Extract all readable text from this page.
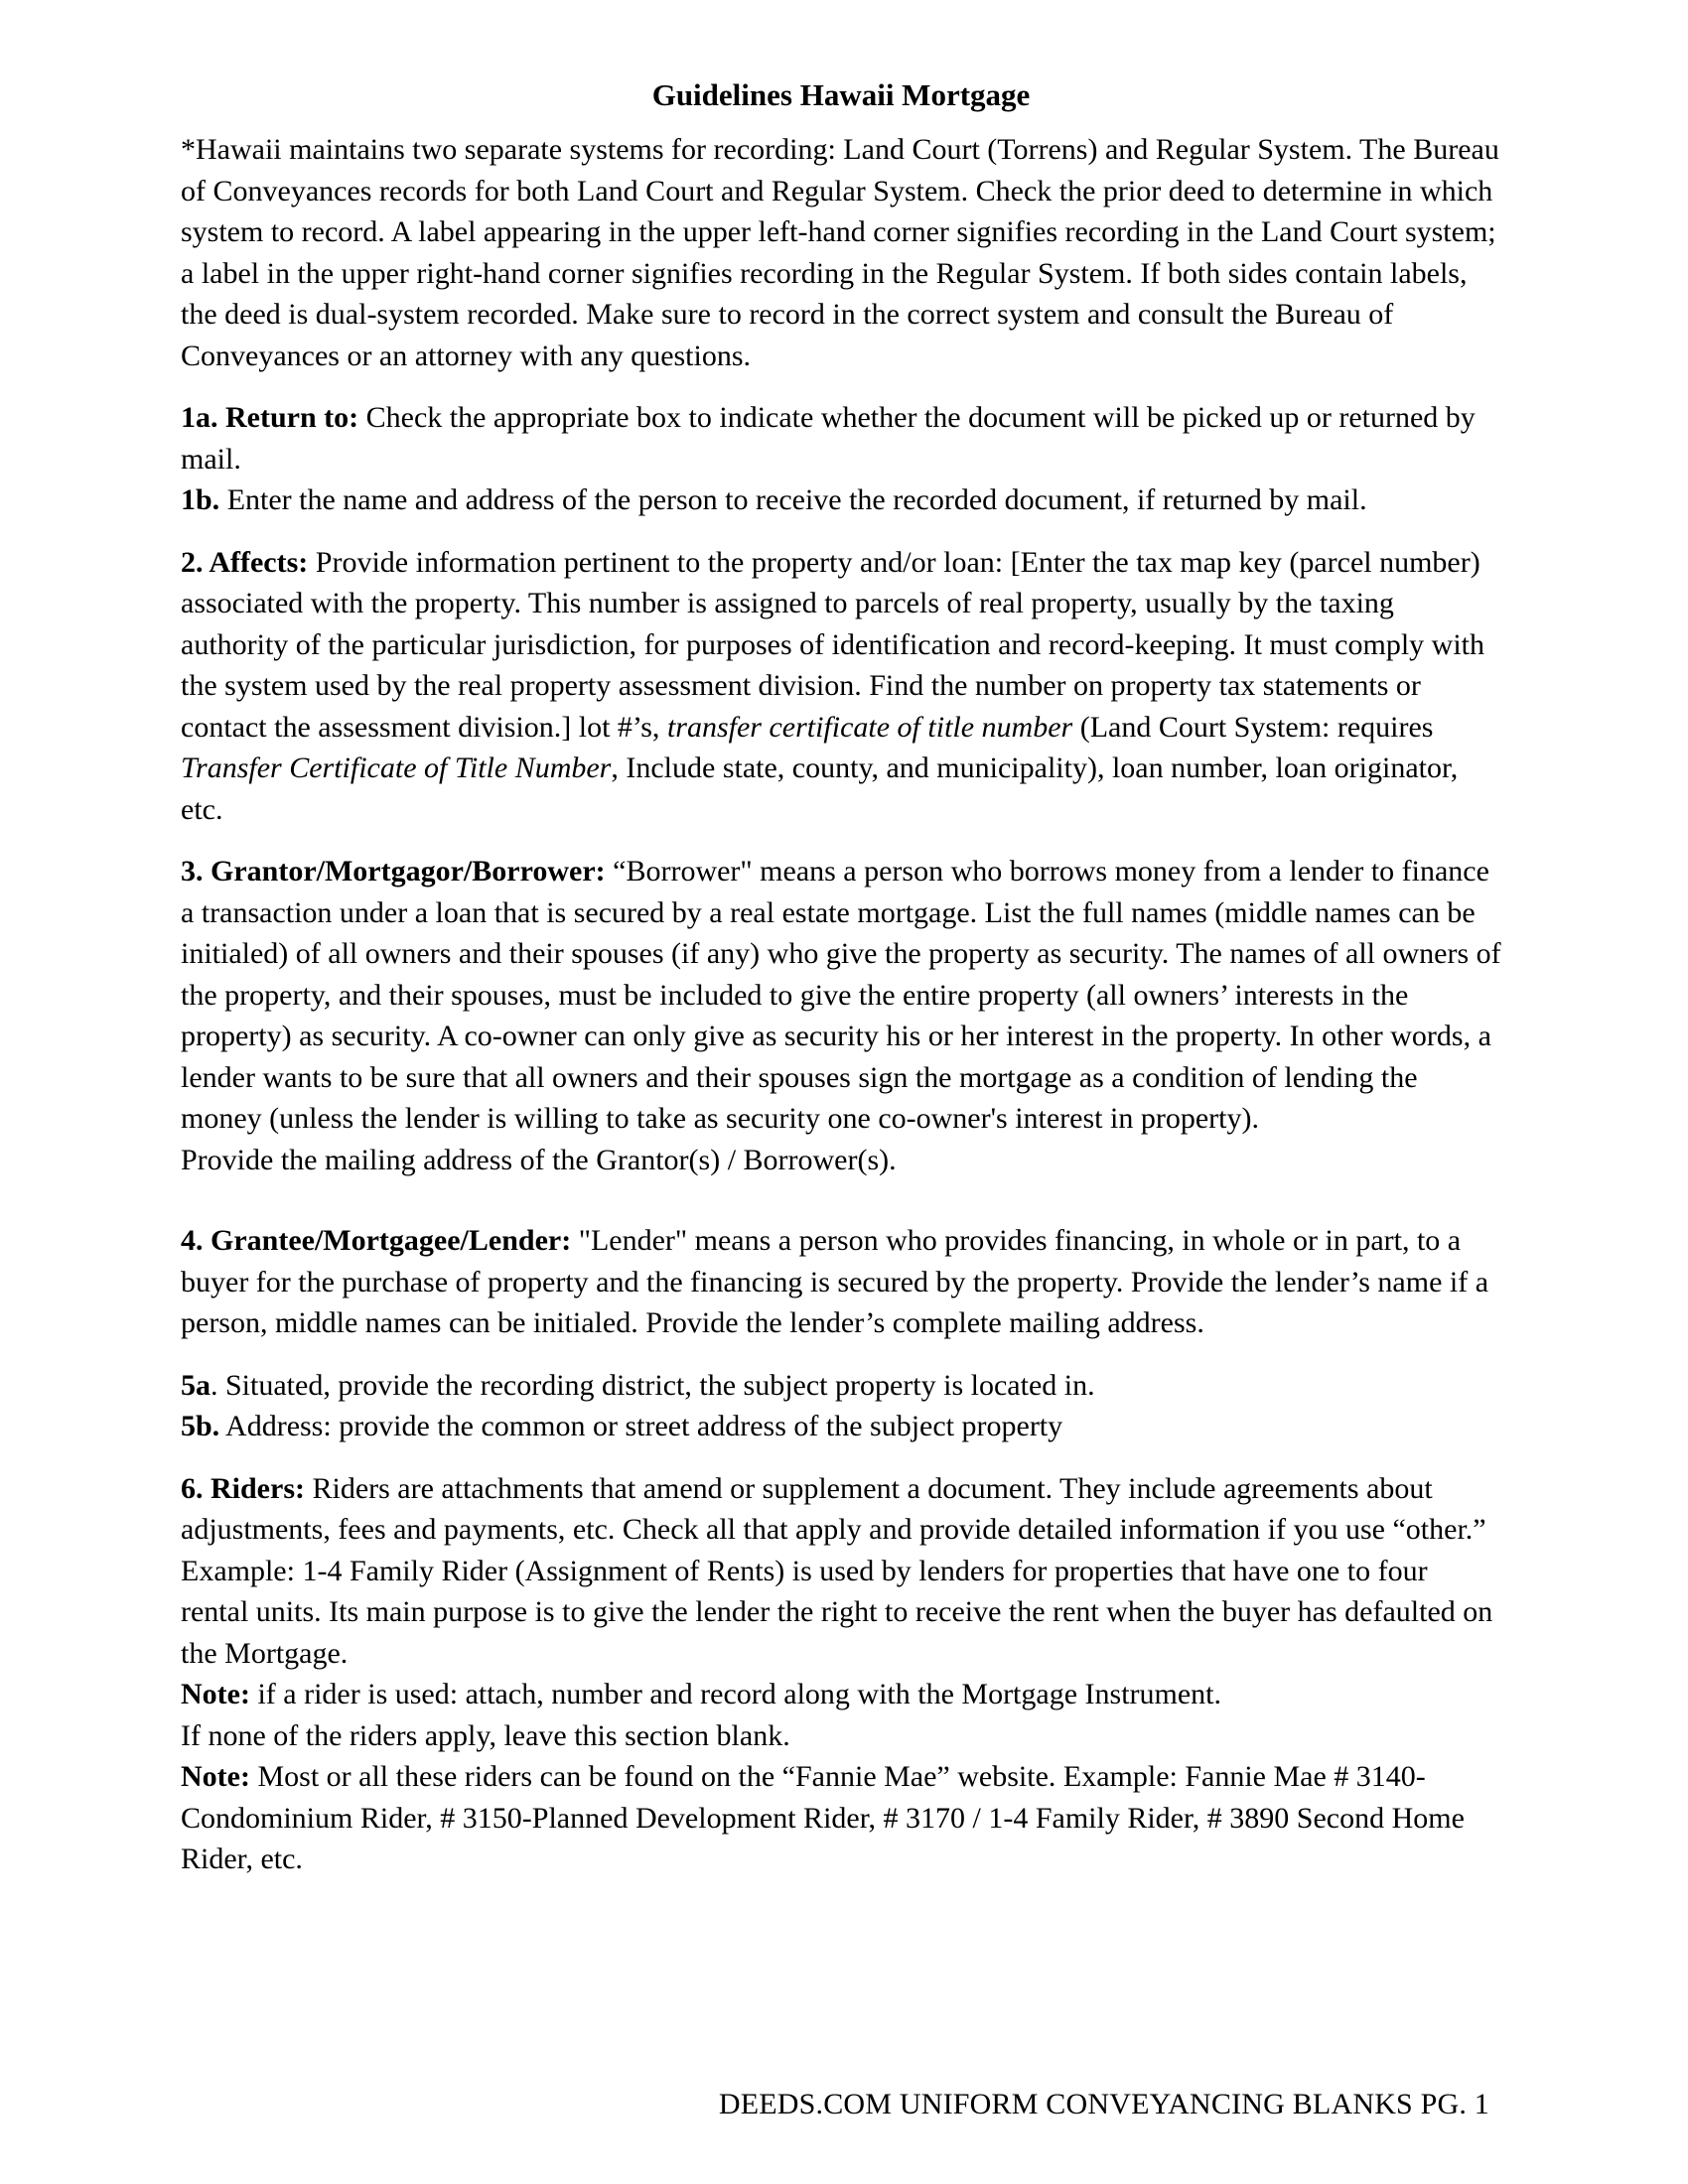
Guidelines Hawaii Mortgage

*Hawaii maintains two separate systems for recording: Land Court (Torrens) and Regular System. The Bureau of Conveyances records for both Land Court and Regular System. Check the prior deed to determine in which system to record. A label appearing in the upper left-hand corner signifies recording in the Land Court system; a label in the upper right-hand corner signifies recording in the Regular System. If both sides contain labels, the deed is dual-system recorded. Make sure to record in the correct system and consult the Bureau of Conveyances or an attorney with any questions.

1a. Return to: Check the appropriate box to indicate whether the document will be picked up or returned by mail.

1b. Enter the name and address of the person to receive the recorded document, if returned by mail.

2. Affects: Provide information pertinent to the property and/or loan: [Enter the tax map key (parcel number) associated with the property. This number is assigned to parcels of real property, usually by the taxing authority of the particular jurisdiction, for purposes of identification and record-keeping. It must comply with the system used by the real property assessment division. Find the number on property tax statements or contact the assessment division.] lot #’s, transfer certificate of title number (Land Court System: requires Transfer Certificate of Title Number, Include state, county, and municipality), loan number, loan originator, etc.

3. Grantor/Mortgagor/Borrower: “Borrower" means a person who borrows money from a lender to finance a transaction under a loan that is secured by a real estate mortgage. List the full names (middle names can be initialed) of all owners and their spouses (if any) who give the property as security. The names of all owners of the property, and their spouses, must be included to give the entire property (all owners’ interests in the property) as security. A co-owner can only give as security his or her interest in the property. In other words, a lender wants to be sure that all owners and their spouses sign the mortgage as a condition of lending the money (unless the lender is willing to take as security one co-owner's interest in property).

Provide the mailing address of the Grantor(s) / Borrower(s).

4. Grantee/Mortgagee/Lender: "Lender" means a person who provides financing, in whole or in part, to a buyer for the purchase of property and the financing is secured by the property. Provide the lender’s name if a person, middle names can be initialed. Provide the lender’s complete mailing address.

5a. Situated, provide the recording district, the subject property is located in.

5b. Address: provide the common or street address of the subject property

6. Riders: Riders are attachments that amend or supplement a document. They include agreements about adjustments, fees and payments, etc. Check all that apply and provide detailed information if you use “other.” Example: 1-4 Family Rider (Assignment of Rents) is used by lenders for properties that have one to four rental units. Its main purpose is to give the lender the right to receive the rent when the buyer has defaulted on the Mortgage.

Note: if a rider is used: attach, number and record along with the Mortgage Instrument.

If none of the riders apply, leave this section blank.

Note: Most or all these riders can be found on the “Fannie Mae” website. Example: Fannie Mae # 3140-Condominium Rider, # 3150-Planned Development Rider, # 3170 / 1-4 Family Rider, # 3890 Second Home Rider, etc.

DEEDS.COM UNIFORM CONVEYANCING BLANKS PG. 1
